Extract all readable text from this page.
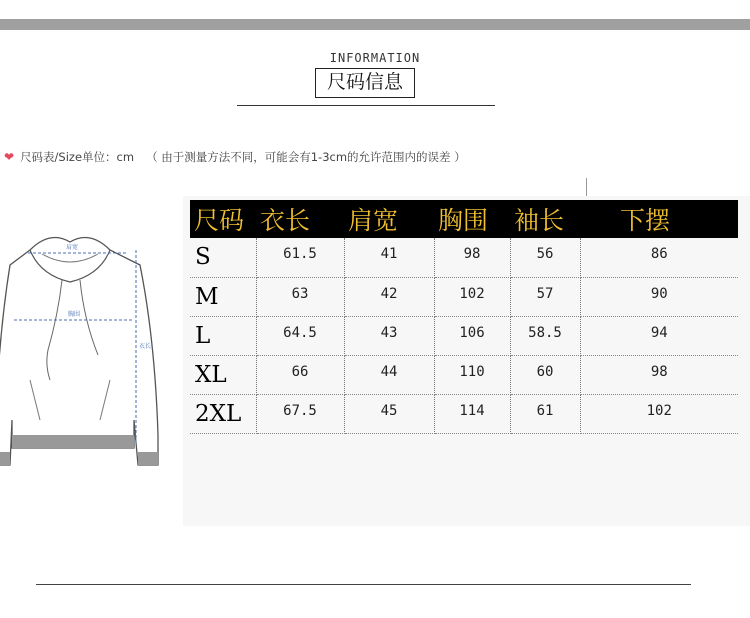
INFORMATION
尺码信息
❤ 尺码表/Size单位：cm （ 由于测量方法不同，可能会有1-3cm的允许范围内的误差 ）
肩宽
胸围
衣长
尺码	衣长	肩宽	胸围	袖长	下摆
S	61.5	41	98	56	86
M	63	42	102	57	90
L	64.5	43	106	58.5	94
XL	66	44	110	60	98
2XL	67.5	45	114	61	102
